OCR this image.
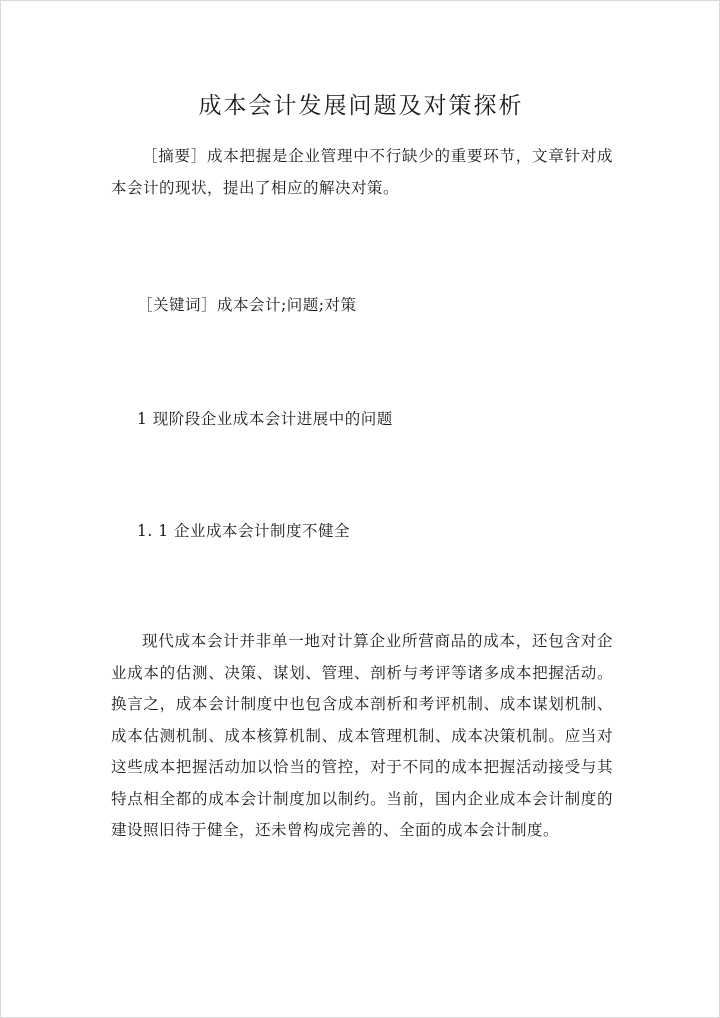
成本会计发展问题及对策探析
［摘要］成本把握是企业管理中不行缺少的重要环节，文章针对成本会计的现状，提出了相应的解决对策。
［关键词］成本会计;问题;对策
1 现阶段企业成本会计进展中的问题
1. 1 企业成本会计制度不健全
现代成本会计并非单一地对计算企业所营商品的成本，还包含对企业成本的估测、决策、谋划、管理、剖析与考评等诸多成本把握活动。换言之，成本会计制度中也包含成本剖析和考评机制、成本谋划机制、成本估测机制、成本核算机制、成本管理机制、成本决策机制。应当对这些成本把握活动加以恰当的管控，对于不同的成本把握活动接受与其特点相全都的成本会计制度加以制约。当前，国内企业成本会计制度的建设照旧待于健全，还未曾构成完善的、全面的成本会计制度。
